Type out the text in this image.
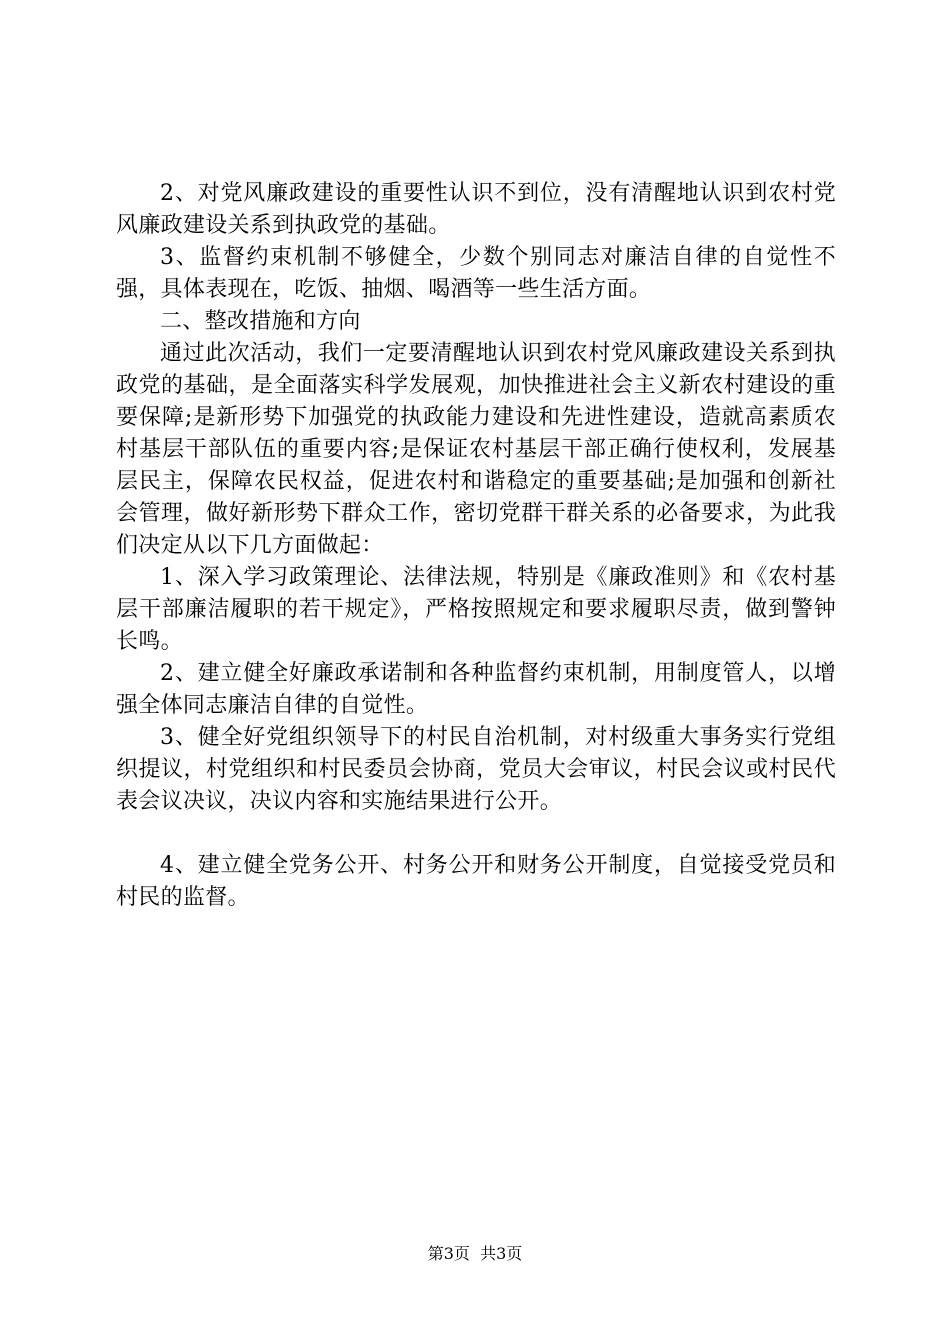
2、对党风廉政建设的重要性认识不到位，没有清醒地认识到农村党风廉政建设关系到执政党的基础。

3、监督约束机制不够健全，少数个别同志对廉洁自律的自觉性不强，具体表现在，吃饭、抽烟、喝酒等一些生活方面。

二、整改措施和方向

通过此次活动，我们一定要清醒地认识到农村党风廉政建设关系到执政党的基础，是全面落实科学发展观，加快推进社会主义新农村建设的重要保障;是新形势下加强党的执政能力建设和先进性建设，造就高素质农村基层干部队伍的重要内容;是保证农村基层干部正确行使权利，发展基层民主，保障农民权益，促进农村和谐稳定的重要基础;是加强和创新社会管理，做好新形势下群众工作，密切党群干群关系的必备要求，为此我们决定从以下几方面做起：

1、深入学习政策理论、法律法规，特别是《廉政准则》和《农村基层干部廉洁履职的若干规定》，严格按照规定和要求履职尽责，做到警钟长鸣。

2、建立健全好廉政承诺制和各种监督约束机制，用制度管人，以增强全体同志廉洁自律的自觉性。

3、健全好党组织领导下的村民自治机制，对村级重大事务实行党组织提议，村党组织和村民委员会协商，党员大会审议，村民会议或村民代表会议决议，决议内容和实施结果进行公开。

4、建立健全党务公开、村务公开和财务公开制度，自觉接受党员和村民的监督。

第3页  共3页
